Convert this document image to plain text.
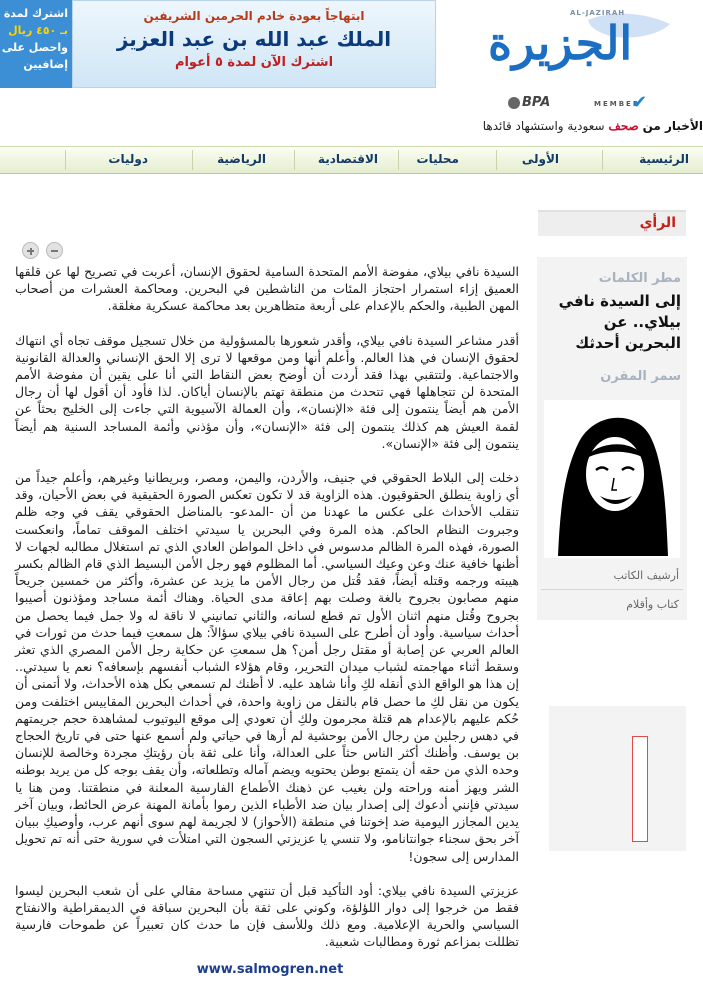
اشترك لمدة
بـ ٤٥٠ ريال
واحصل على
إضافيين
ابتهاجاً بعودة خادم الحرمين الشريفين
الملك عبد الله بن عبد العزيز
اشترك الآن لمدة ٥ أعوام
AL-JAZIRAH
الجزيرة
BPA	MEMBER
✔
الأخبار من صحف سعودية واستشهاد قائدها
الرئيسية
الأولى
محليات
الاقتصادية
الرياضية
دوليات
الرأي

السيدة نافي بيلاي، مفوضة الأمم المتحدة السامية لحقوق الإنسان، أعربت في تصريح لها عن قلقها العميق إزاء استمرار احتجاز المئات من الناشطين في البحرين. ومحاكمة العشرات من أصحاب المهن الطبية، والحكم بالإعدام على أربعة متظاهرين بعد محاكمة عسكرية مغلقة.

أقدر مشاعر السيدة نافي بيلاي، وأقدر شعورها بالمسؤولية من خلال تسجيل موقف تجاه أي انتهاك لحقوق الإنسان في هذا العالم. وأعلم أنها ومن موقعها لا ترى إلا الحق الإنساني والعدالة القانونية والاجتماعية. ولتتقبي بهذا فقد أردت أن أوضح بعض النقاط التي أنا على يقين أن مفوضة الأمم المتحدة لن تتجاهلها فهي تتحدث من منطقة تهتم بالإنسان أياكان. لذا فأود أن أقول لها أن رجال الأمن هم أيضاً ينتمون إلى فئة «الإنسان»، وأن العمالة الآسيوية التي جاءت إلى الخليج بحثاً عن لقمة العيش هم كذلك ينتمون إلى فئة «الإنسان»، وأن مؤذني وأئمة المساجد السنية هم أيضاً ينتمون إلى فئة «الإنسان».

دخلت إلى البلاط الحقوقي في جنيف، والأردن، واليمن، ومصر، وبريطانيا وغيرهم، وأعلم جيداً من أي زاوية ينطلق الحقوقيون. هذه الزاوية قد لا تكون تعكس الصورة الحقيقية في بعض الأحيان، وقد تنقلب الأحداث على عكس ما عهدنا من أن -المدعو- بالمناضل الحقوقي يقف في وجه ظلم وجبروت النظام الحاكم. هذه المرة وفي البحرين يا سيدتي اختلف الموقف تماماً، وانعكست الصورة، فهذه المرة الظالم مدسوس في داخل المواطن العادي الذي تم استغلال مطالبه لجهات لا أظنها خافية عنك وعن وعيك السياسي. أما المظلوم فهو رجل الأمن البسيط الذي قام الظالم بكسر هيبته ورجمه وقتله أيضاً، فقد قُتل من رجال الأمن ما يزيد عن عشرة، وأكثر من خمسين جريحاً منهم مصابون بجروح بالغة وصلت بهم إعاقة مدى الحياة. وهناك أئمة مساجد ومؤذنون أصيبوا بجروح وقُتل منهم اثنان الأول تم قطع لسانه، والثاني تمانيني لا ناقة له ولا جمل فيما يحصل من أحداث سياسية. وأود أن أطرح على السيدة نافي بيلاي سؤالاً: هل سمعتِ فيما حدث من ثورات في العالم العربي عن إصابة أو مقتل رجل أمن؟ هل سمعتِ عن حكاية رجل الأمن المصري الذي تعثر وسقط أثناء مهاجمته لشباب ميدان التحرير، وقام هؤلاء الشباب أنفسهم بإسعافه؟ نعم يا سيدتي.. إن هذا هو الواقع الذي أنقله لكِ وأنا شاهد عليه. لا أظنك لم تسمعي بكل هذه الأحداث، ولا أتمنى أن يكون من نقل لكِ ما حصل قام بالنقل من زاوية واحدة، في أحداث البحرين المقاييس اختلفت ومن حُكم عليهم بالإعدام هم قتلة مجرمون ولكِ أن تعودي إلى موقع اليوتيوب لمشاهدة حجم جريمتهم في دهس رجلين من رجال الأمن بوحشية لم أرها في حياتي ولم أسمع عنها حتى في تاريخ الحجاج بن يوسف. وأظنك أكثر الناس حثاً على العدالة، وأنا على ثقة بأن رؤيتكِ مجردة وخالصة للإنسان وحده الذي من حقه أن يتمتع بوطن يحتويه ويضم آماله وتطلعاته، وأن يقف بوجه كل من يريد بوطنه الشر ويهز أمنه وراحته ولن يغيب عن ذهنك الأطماع الفارسية المعلنة في منطقتنا. ومن هنا يا سيدتي فإنني أدعوك إلى إصدار بيان ضد الأطباء الذين رموا بأمانة المهنة عرض الحائط، وبيان آخر يدين المجازر اليومية ضد إخوتنا في منطقة (الأحواز) لا لجريمة لهم سوى أنهم عرب، وأوصيكِ ببيان آخر بحق سجناء جوانتانامو، ولا تنسي يا عزيزتي السجون التي امتلأت في سورية حتى أنه تم تحويل المدارس إلى سجون!

عزيزتي السيدة نافي بيلاي: أود التأكيد قبل أن تنتهي مساحة مقالي على أن شعب البحرين ليسوا فقط من خرجوا إلى دوار اللؤلؤة، وكوني على ثقة بأن البحرين سباقة في الديمقراطية والانفتاح السياسي والحرية الإعلامية. ومع ذلك وللأسف فإن ما حدث كان تعبيراً عن طموحات فارسية تظللت بمزاعم ثورة ومطالبات شعبية.

www.salmogren.net
مطر الكلمات
إلى السيدة نافي بيلاي.. عن البحرين أحدثك
سمر المقرن
أرشيف الكاتب
كتاب وأقلام
